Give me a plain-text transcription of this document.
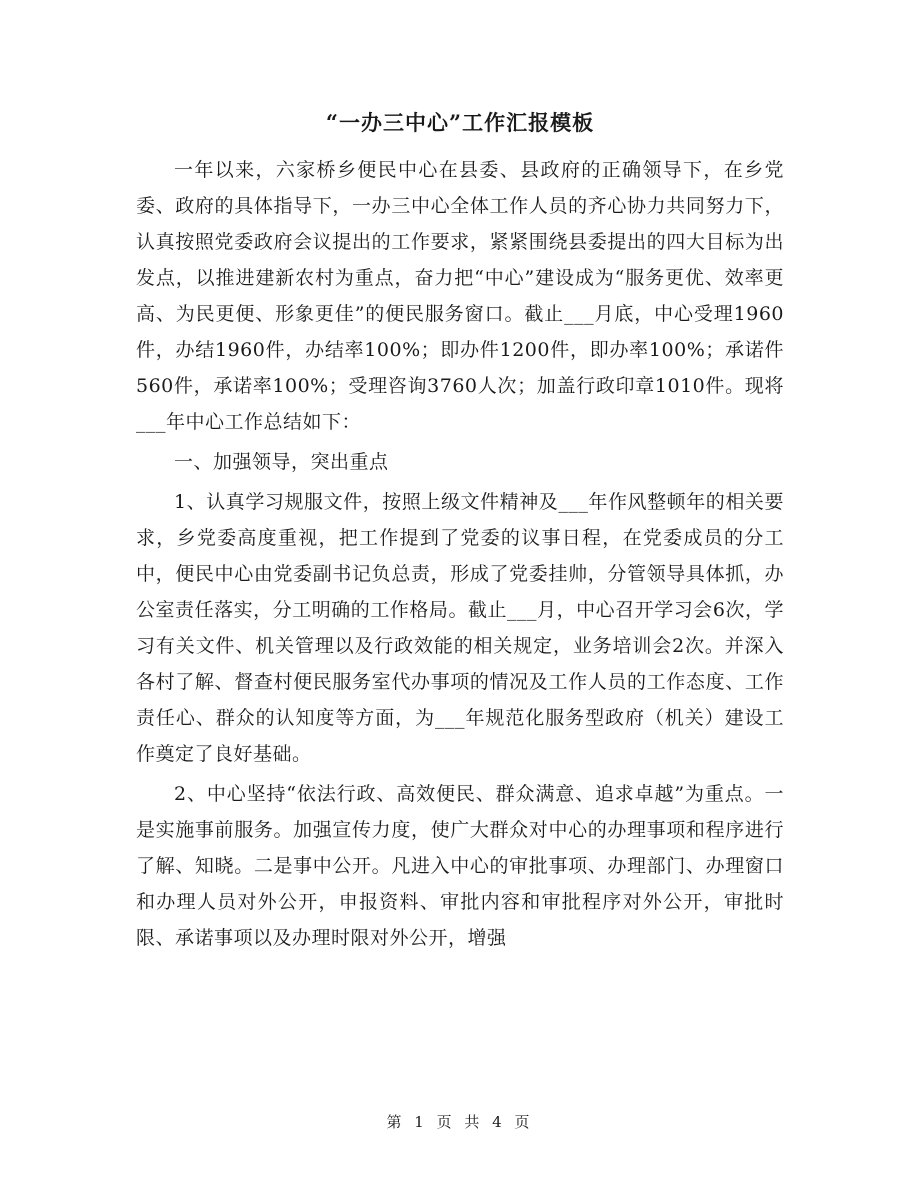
“一办三中心”工作汇报模板

一年以来，六家桥乡便民中心在县委、县政府的正确领导下，在乡党委、政府的具体指导下，一办三中心全体工作人员的齐心协力共同努力下，认真按照党委政府会议提出的工作要求，紧紧围绕县委提出的四大目标为出发点，以推进建新农村为重点，奋力把“中心”建设成为“服务更优、效率更高、为民更便、形象更佳”的便民服务窗口。截止___月底，中心受理1960件，办结1960件，办结率100%；即办件1200件，即办率100%；承诺件560件，承诺率100%；受理咨询3760人次；加盖行政印章1010件。现将___年中心工作总结如下：

一、加强领导，突出重点

1、认真学习规服文件，按照上级文件精神及___年作风整顿年的相关要求，乡党委高度重视，把工作提到了党委的议事日程，在党委成员的分工中，便民中心由党委副书记负总责，形成了党委挂帅，分管领导具体抓，办公室责任落实，分工明确的工作格局。截止___月，中心召开学习会6次，学习有关文件、机关管理以及行政效能的相关规定，业务培训会2次。并深入各村了解、督查村便民服务室代办事项的情况及工作人员的工作态度、工作责任心、群众的认知度等方面，为___年规范化服务型政府（机关）建设工作奠定了良好基础。

2、中心坚持“依法行政、高效便民、群众满意、追求卓越”为重点。一是实施事前服务。加强宣传力度，使广大群众对中心的办理事项和程序进行了解、知晓。二是事中公开。凡进入中心的审批事项、办理部门、办理窗口和办理人员对外公开，申报资料、审批内容和审批程序对外公开，审批时限、承诺事项以及办理时限对外公开，增强

第 1 页 共 4 页
